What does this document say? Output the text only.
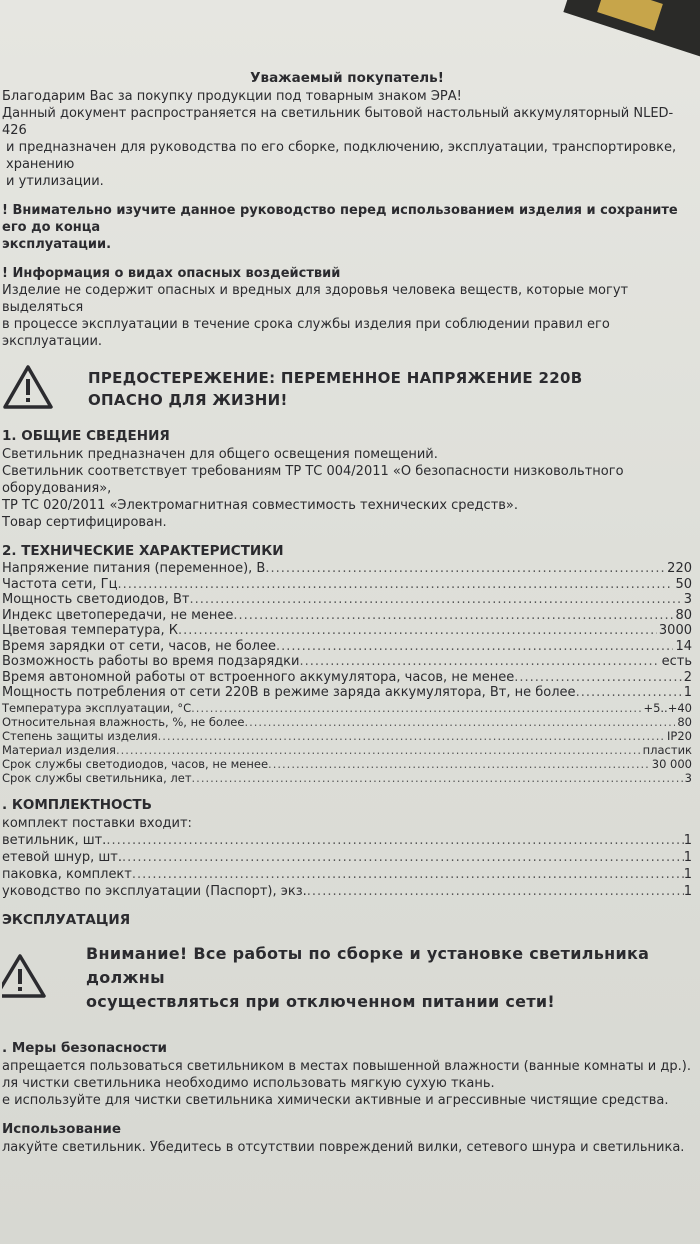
Уважаемый покупатель!

Благодарим Вас за покупку продукции под товарным знаком ЭРА!

Данный документ распространяется на светильник бытовой настольный аккумуляторный NLED-426

и предназначен для руководства по его сборке, подключению, эксплуатации, транспортировке, хранению

и утилизации.

! Внимательно изучите данное руководство перед использованием изделия и сохраните его до конца

эксплуатации.

! Информация о видах опасных воздействий

Изделие не содержит опасных и вредных для здоровья человека веществ, которые могут выделяться

в процессе эксплуатации в течение срока службы изделия при соблюдении правил его эксплуатации.

ПРЕДОСТЕРЕЖЕНИЕ: ПЕРЕМЕННОЕ НАПРЯЖЕНИЕ 220В
ОПАСНО ДЛЯ ЖИЗНИ!
1. ОБЩИЕ СВЕДЕНИЯ

Светильник предназначен для общего освещения помещений.

Светильник соответствует требованиям ТР ТС 004/2011 «О безопасности низковольтного оборудования»,

ТР ТС 020/2011 «Электромагнитная совместимость технических средств».

Товар сертифицирован.

2. ТЕХНИЧЕСКИЕ ХАРАКТЕРИСТИКИ
Напряжение питания (переменное), В .....	220
Частота сети, Гц .....	50
Мощность светодиодов, Вт .....	3
Индекс цветопередачи, не менее .....	80
Цветовая температура, К .....	3000
Время зарядки от сети, часов, не более .....	14
Возможность работы во время подзарядки .....	есть
Время автономной работы от встроенного аккумулятора, часов, не менее .....	2
Мощность потребления от сети 220В в режиме заряда аккумулятора, Вт, не более .....	1
Температура эксплуатации, °С .....	+5..+40
Относительная влажность, %, не более .....	80
Степень защиты изделия .....	IP20
Материал изделия .....	пластик
Срок службы светодиодов, часов, не менее .....	30 000
Срок службы светильника, лет .....	3
. КОМПЛЕКТНОСТЬ

комплект поставки входит:

ветильник, шт. .....	1
етевой шнур, шт. .....	1
паковка, комплект .....	1
уководство по эксплуатации (Паспорт), экз. .....	1
ЭКСПЛУАТАЦИЯ
Внимание! Все работы по сборке и установке светильника должны
осуществляться при отключенном питании сети!
. Меры безопасности

апрещается пользоваться светильником в местах повышенной влажности (ванные комнаты и др.).

ля чистки светильника необходимо использовать мягкую сухую ткань.

е используйте для чистки светильника химически активные и агрессивные чистящие средства.

Использование

лакуйте светильник. Убедитесь в отсутствии повреждений вилки, сетевого шнура и светильника.
